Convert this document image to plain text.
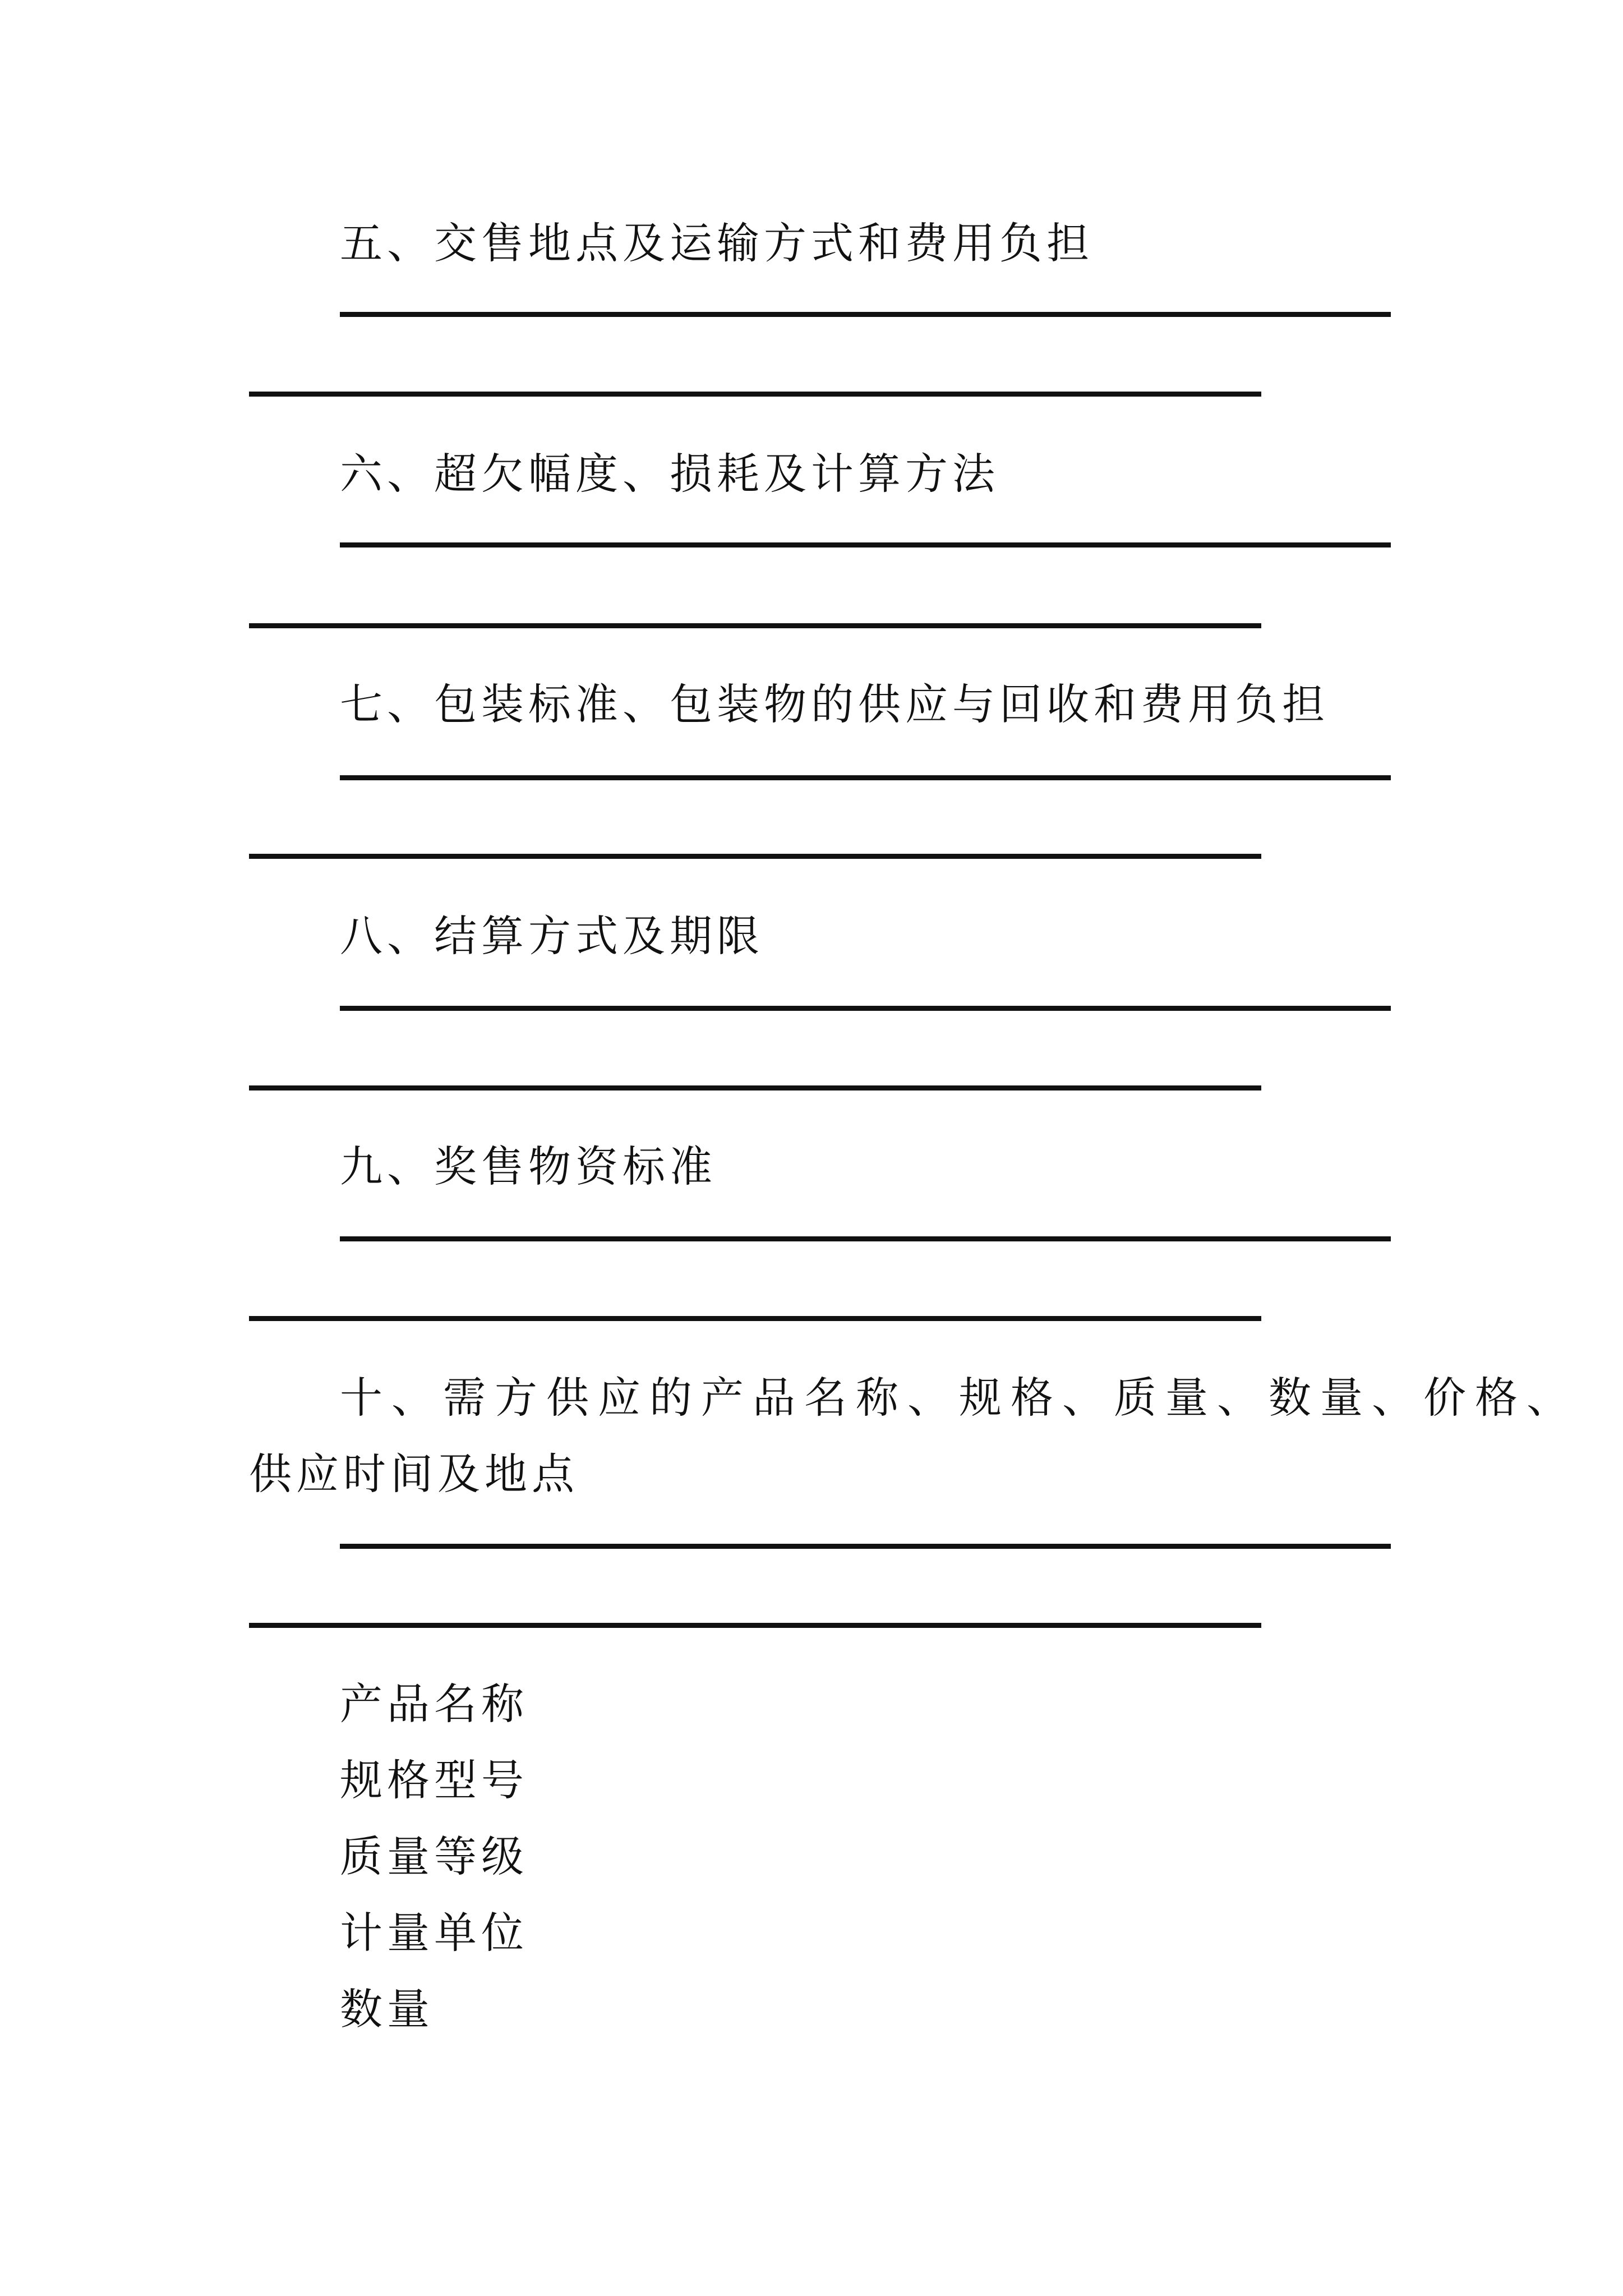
五、交售地点及运输方式和费用负担
六、超欠幅度、损耗及计算方法
七、包装标准、包装物的供应与回收和费用负担
八、结算方式及期限
九、奖售物资标准
十、需方供应的产品名称、规格、质量、数量、价格、
供应时间及地点
产品名称
规格型号
质量等级
计量单位
数量
